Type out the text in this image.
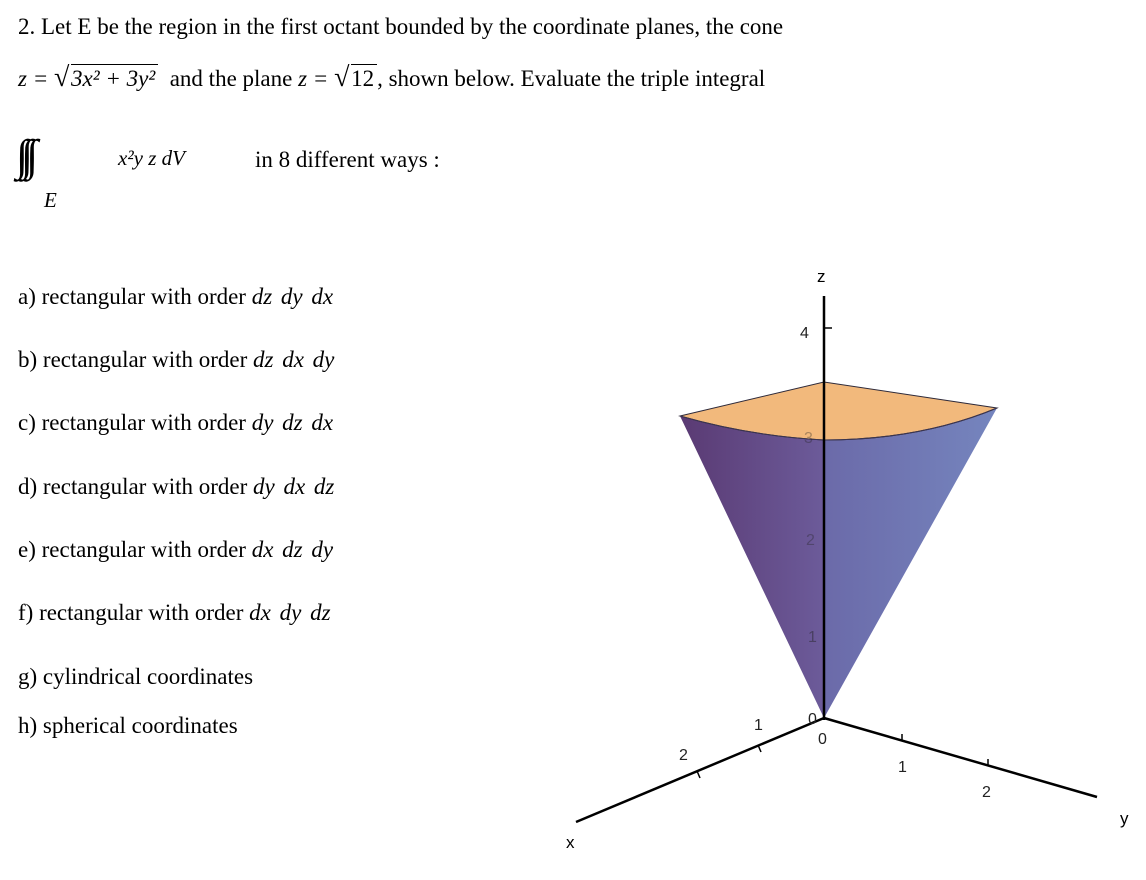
2. Let E be the region in the first octant bounded by the coordinate planes, the cone
z = √ 3x² + 3y² and the plane z = √ 12 , shown below. Evaluate the triple integral
∫∫∫
E
x²y z dV	in 8 different ways :
a) rectangular with order dz dy dx
b) rectangular with order dz dx dy
c) rectangular with order dy dz dx
d) rectangular with order dy dx dz
e) rectangular with order dx dz dy
f) rectangular with order dx dy dz
g) cylindrical coordinates
h) spherical coordinates
z
x
y
4
3
2
1
0
1
2
0
1
2
